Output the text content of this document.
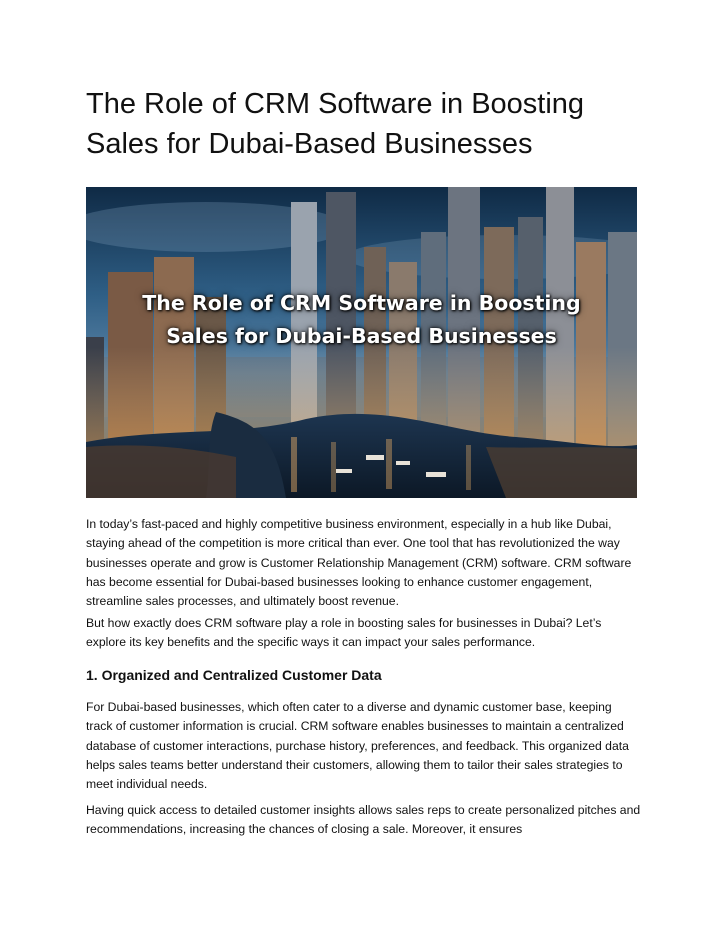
The Role of CRM Software in Boosting Sales for Dubai-Based Businesses
The Role of CRM Software in Boosting
Sales for Dubai-Based Businesses

In today’s fast-paced and highly competitive business environment, especially in a hub like Dubai, staying ahead of the competition is more critical than ever. One tool that has revolutionized the way businesses operate and grow is Customer Relationship Management (CRM) software. CRM software has become essential for Dubai-based businesses looking to enhance customer engagement, streamline sales processes, and ultimately boost revenue.

But how exactly does CRM software play a role in boosting sales for businesses in Dubai? Let’s explore its key benefits and the specific ways it can impact your sales performance.

1. Organized and Centralized Customer Data

For Dubai-based businesses, which often cater to a diverse and dynamic customer base, keeping track of customer information is crucial. CRM software enables businesses to maintain a centralized database of customer interactions, purchase history, preferences, and feedback. This organized data helps sales teams better understand their customers, allowing them to tailor their sales strategies to meet individual needs.

Having quick access to detailed customer insights allows sales reps to create personalized pitches and recommendations, increasing the chances of closing a sale. Moreover, it ensures
